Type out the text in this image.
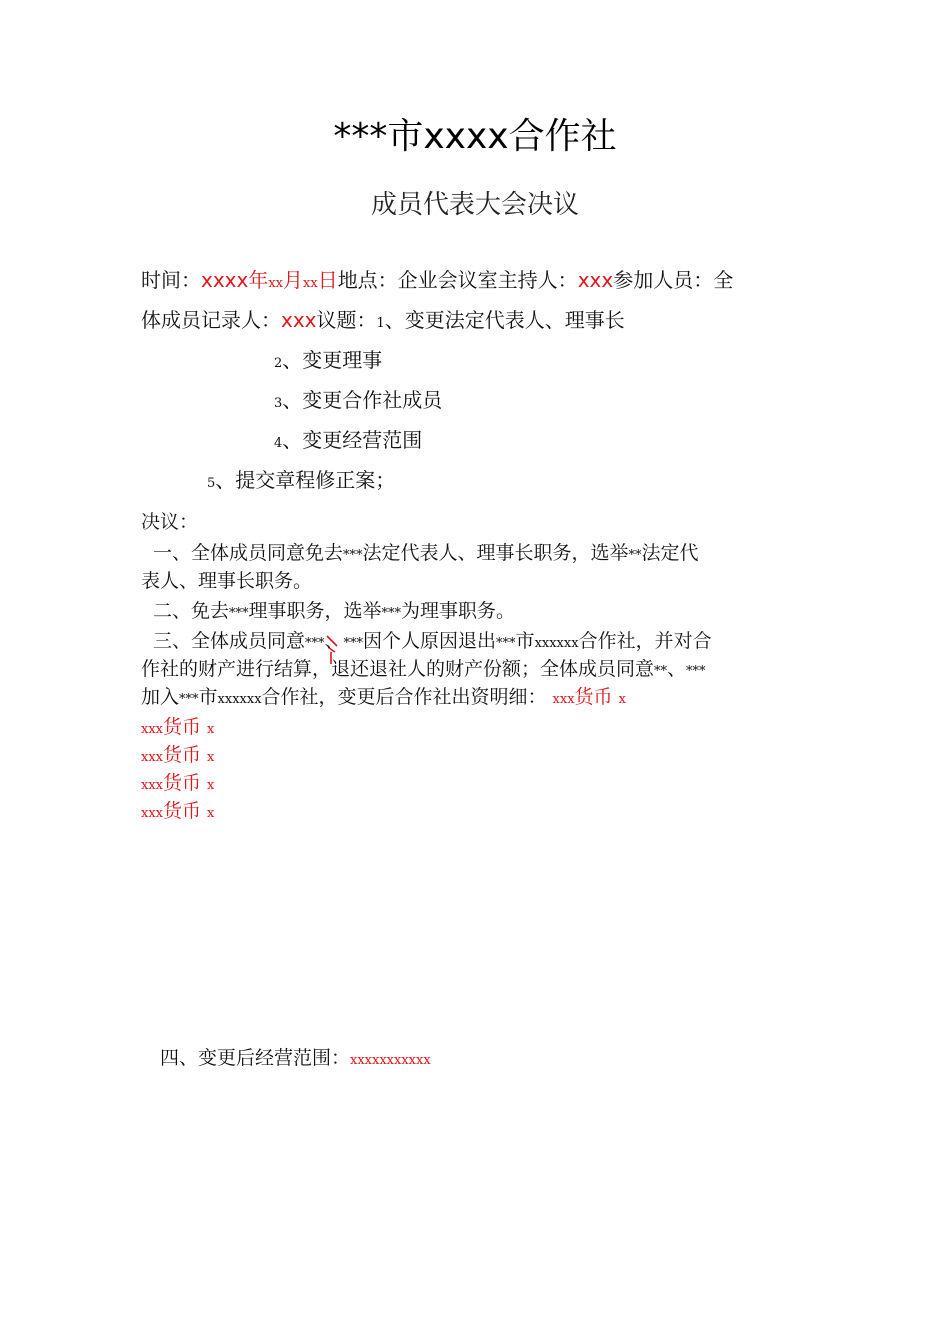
***市xxxx合作社
成员代表大会决议
时间：xxxx年xx月xx日地点：企业会议室主持人：xxx参加人员：全
体成员记录人：xxx议题：1、变更法定代表人、理事长
2、变更理事
3、变更合作社成员
4、变更经营范围
5、提交章程修正案；
决议：
一、全体成员同意免去***法定代表人、理事长职务，选举**法定代
表人、理事长职务。
二、免去***理事职务，选举***为理事职务。
三、全体成员同意***、***因个人原因退出***市xxxxxx合作社，并对合
作社的财产进行结算，退还退社人的财产份额；全体成员同意**、***
加入***市xxxxxx合作社，变更后合作社出资明细： xxx货币 x
xxx货币 x
xxx货币 x
xxx货币 x
xxx货币 x
四、变更后经营范围：xxxxxxxxxxx
